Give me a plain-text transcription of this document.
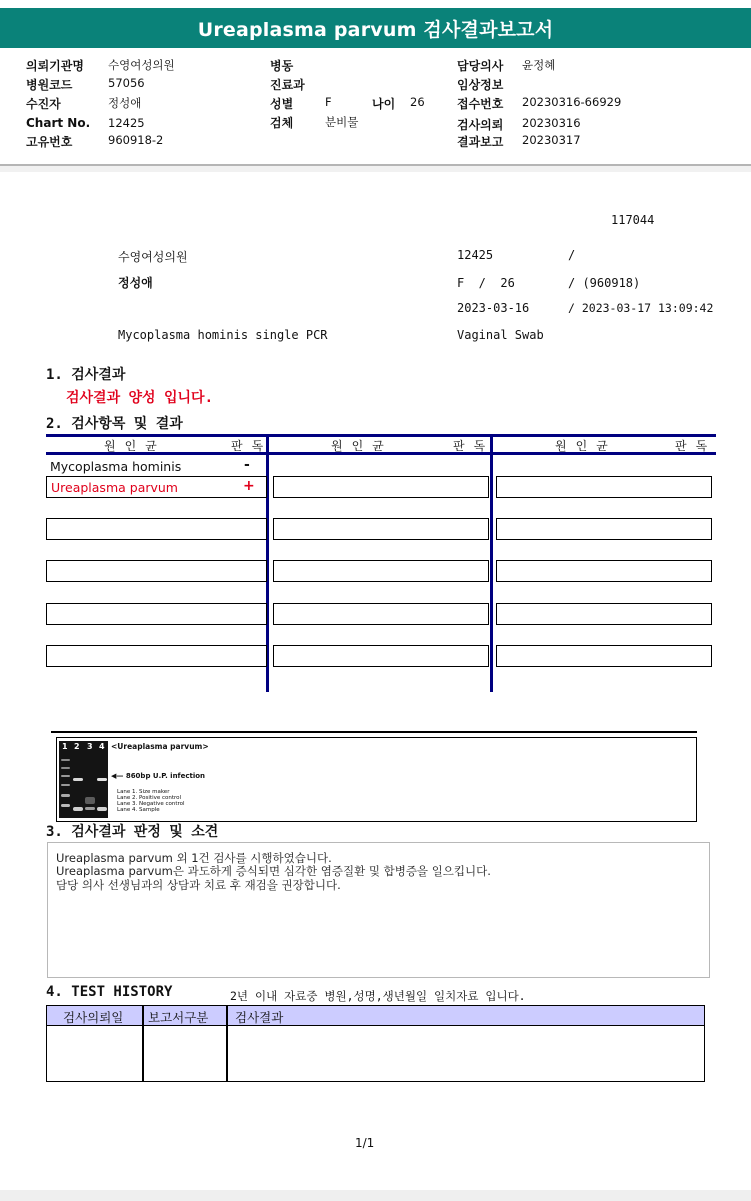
Ureaplasma parvum 검사결과보고서
의뢰기관명 수영여성의원
병원코드	57056
수진자	정성애
Chart No. 12425
고유번호	960918-2
병동
진료과
성별	F	나이 26
검체	분비물
담당의사 윤정혜
임상정보
접수번호 20230316-66929
검사의뢰 20230316
결과보고 20230317
117044
수영여성의원	12425	/
정성애	F  /  26	/ (960918)
2023-03-16	/ 2023-03-17 13:09:42
Mycoplasma hominis single PCR	Vaginal Swab
1. 검사결과
검사결과 양성 입니다.
2. 검사항목 및 결과
원인균	판독	원인균	판독	원인균	판독
Mycoplasma hominis	-
Ureaplasma parvum	+
1 2 3 4 <Ureaplasma parvum>
◀— 860bp U.P. infection
Lane 1. Size maker
Lane 2. Positive control
Lane 3. Negative control
Lane 4. Sample
3. 검사결과 판정 및 소견
Ureaplasma parvum 외 1건 검사를 시행하였습니다.
Ureaplasma parvum은 과도하게 증식되면 심각한 염증질환 및 합병증을 일으킵니다.
담당 의사 선생님과의 상담과 치료 후 재검을 권장합니다.
4. TEST HISTORY	2년 이내 자료중 병원,성명,생년월일 일치자료 입니다.
검사의뢰일 보고서구분 검사결과
1/1
